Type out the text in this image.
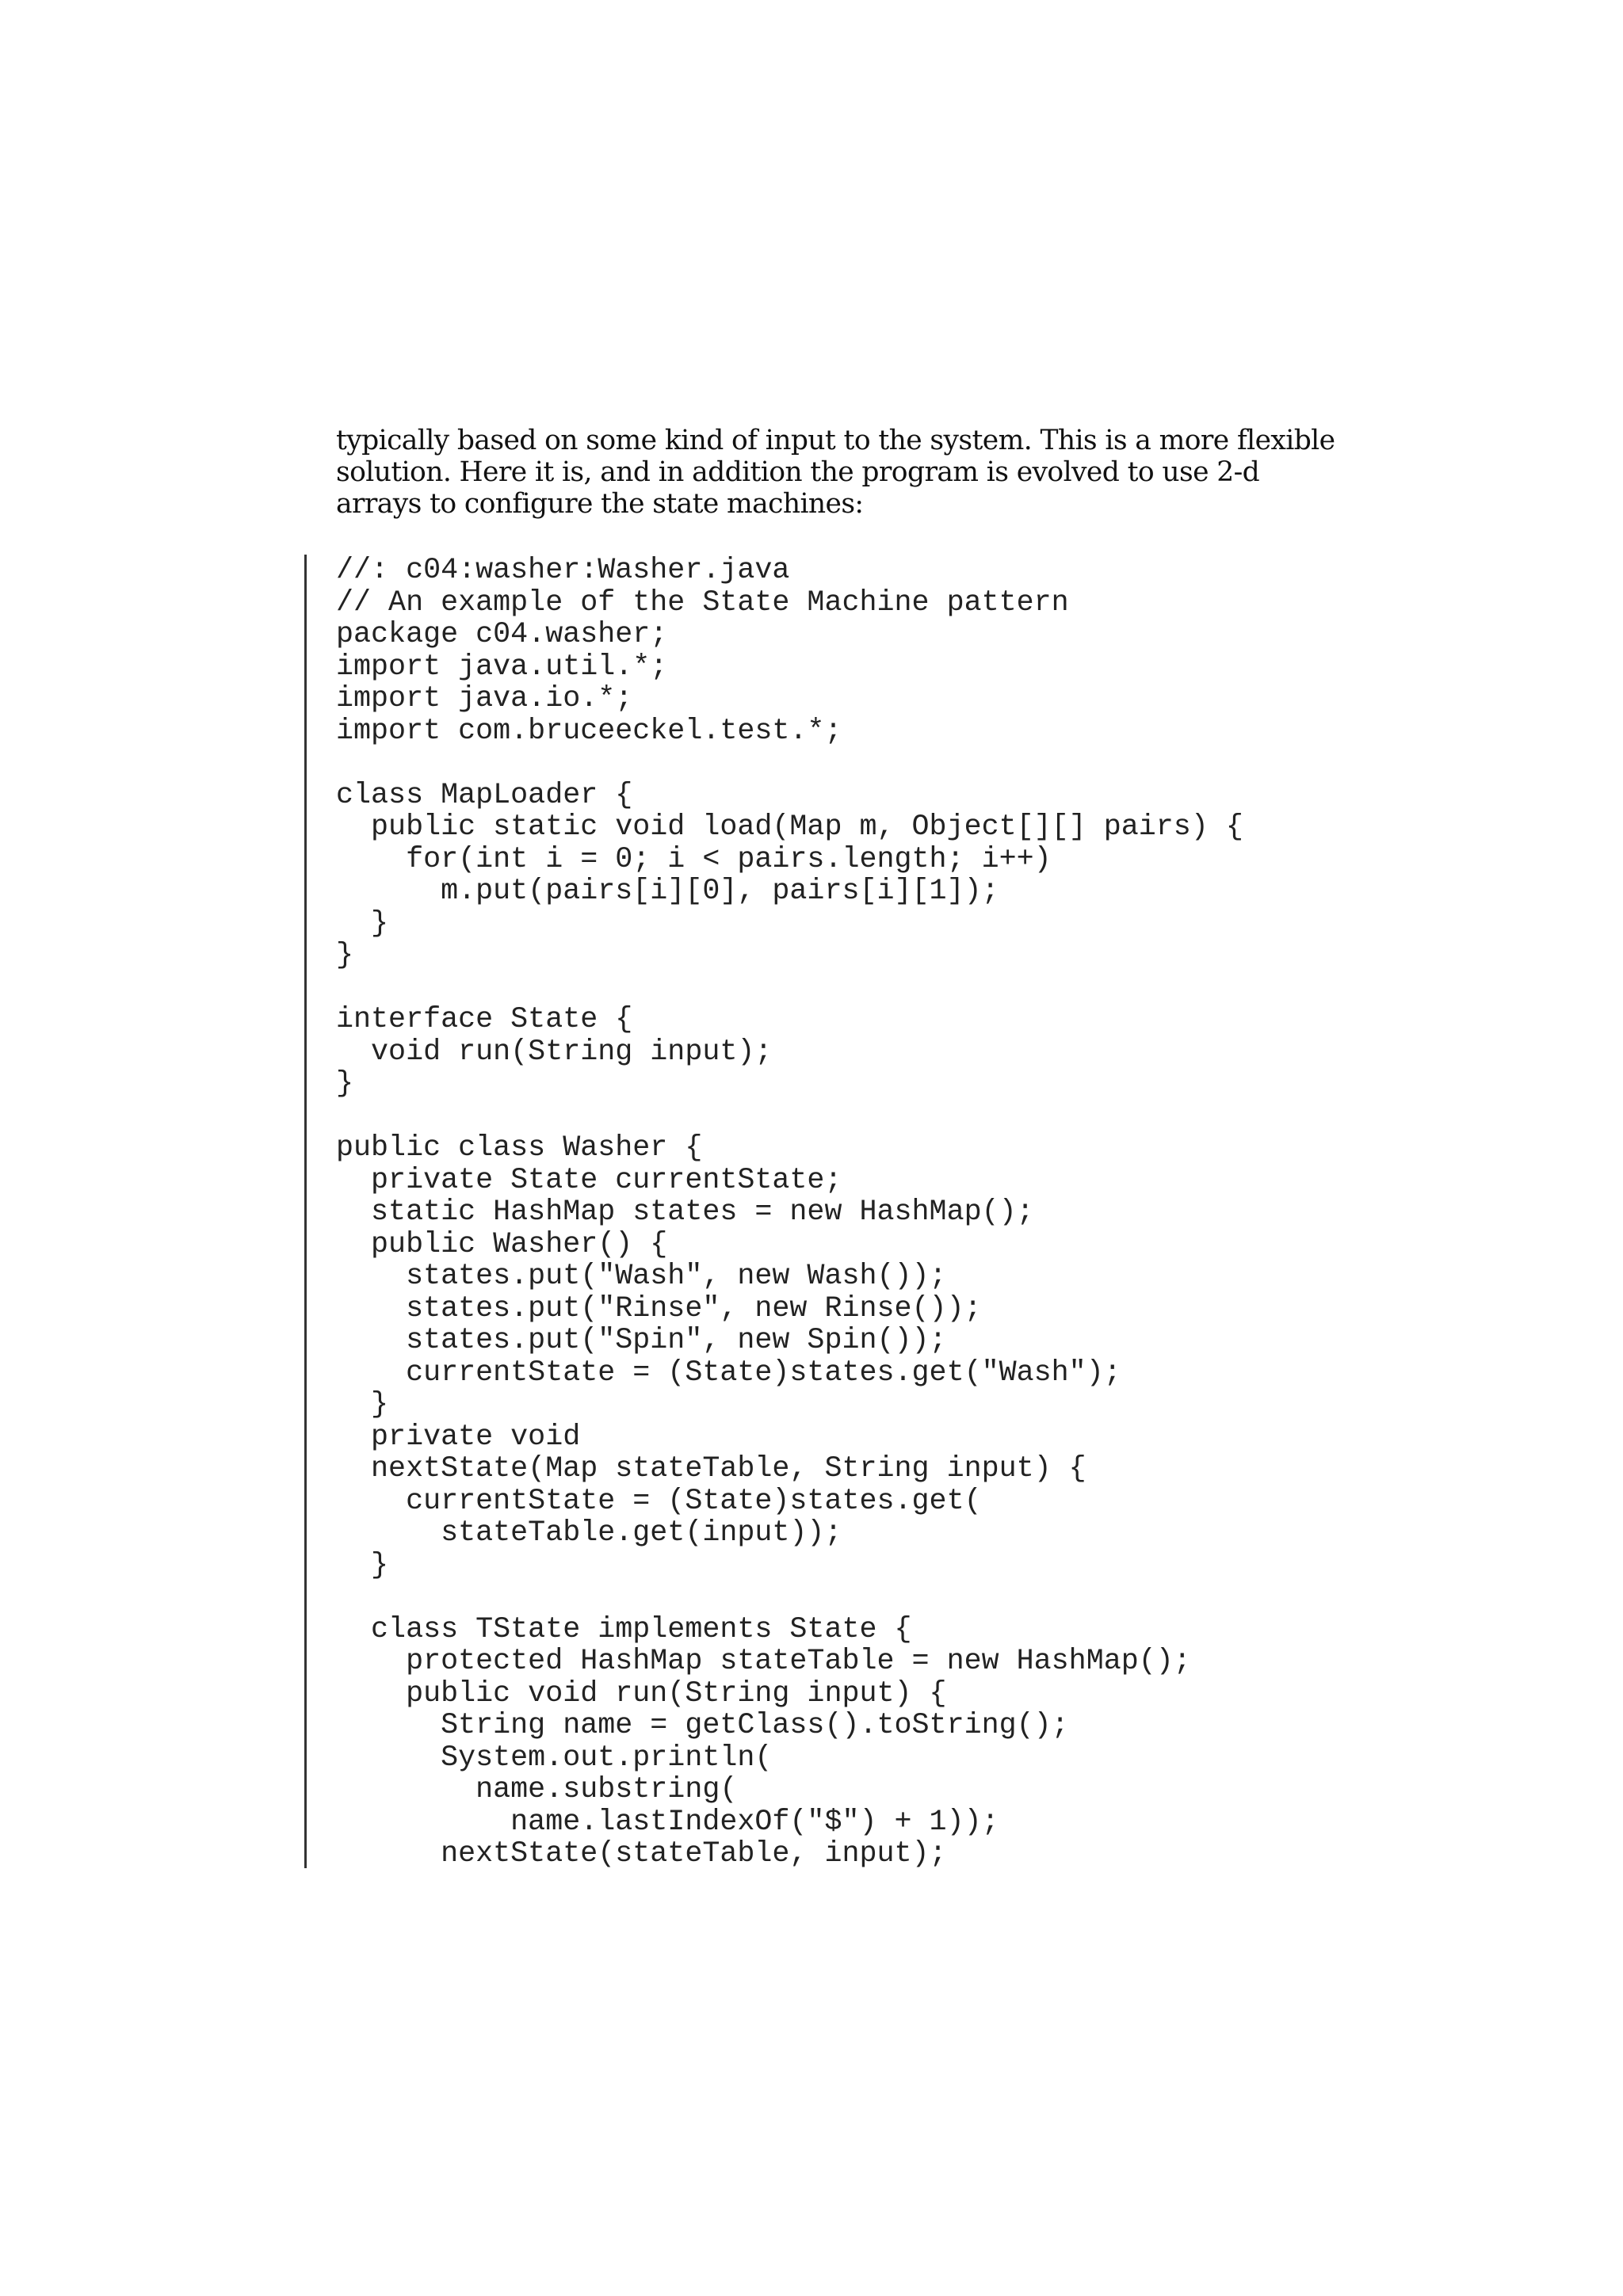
typically based on some kind of input to the system. This is a more flexible
solution. Here it is, and in addition the program is evolved to use 2-d
arrays to configure the state machines:

//: c04:washer:Washer.java
// An example of the State Machine pattern
package c04.washer;
import java.util.*;
import java.io.*;
import com.bruceeckel.test.*;
class MapLoader {
public static void load(Map m, Object[][] pairs) {
for(int i = 0; i < pairs.length; i++)
m.put(pairs[i][0], pairs[i][1]);
}
}
interface State {
void run(String input);
}
public class Washer {
private State currentState;
static HashMap states = new HashMap();
public Washer() {
states.put("Wash", new Wash());
states.put("Rinse", new Rinse());
states.put("Spin", new Spin());
currentState = (State)states.get("Wash");
}
private void
nextState(Map stateTable, String input) {
currentState = (State)states.get(
stateTable.get(input));
}
class TState implements State {
protected HashMap stateTable = new HashMap();
public void run(String input) {
String name = getClass().toString();
System.out.println(
name.substring(
name.lastIndexOf("$") + 1));
nextState(stateTable, input);
